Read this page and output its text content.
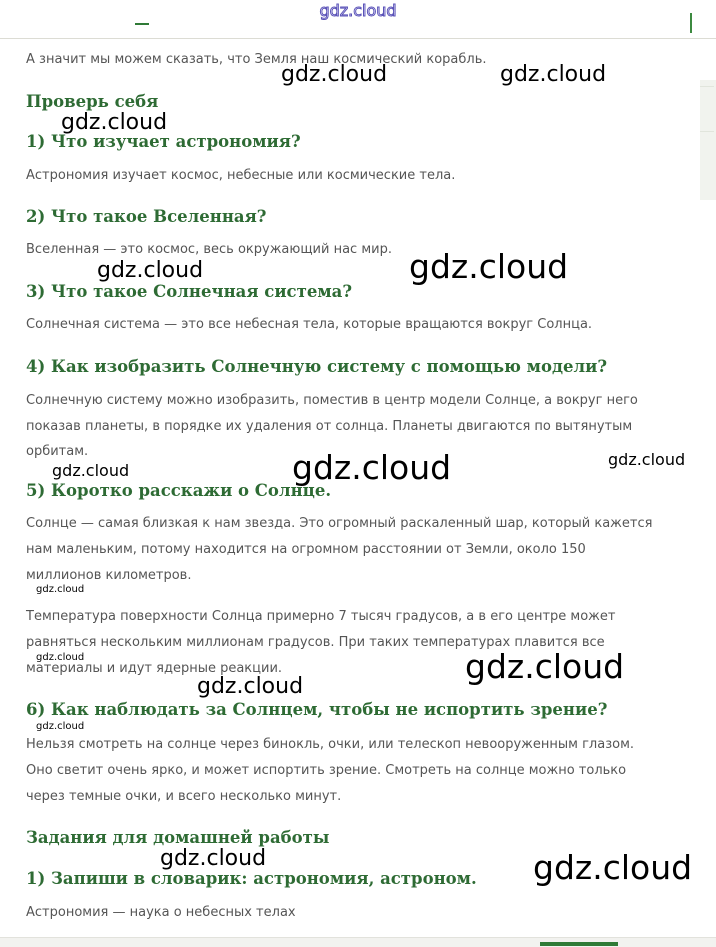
gdz.cloud

А значит мы можем сказать, что Земля наш космический корабль.

Проверь себя

1) Что изучает астрономия?

Астрономия изучает космос, небесные или космические тела.

2) Что такое Вселенная?

Вселенная — это космос, весь окружающий нас мир.

3) Что такое Солнечная система?

Солнечная система — это все небесная тела, которые вращаются вокруг Солнца.

4) Как изобразить Солнечную систему с помощью модели?

Солнечную систему можно изобразить, поместив в центр модели Солнце, а вокруг него

показав планеты, в порядке их удаления от солнца. Планеты двигаются по вытянутым

орбитам.

5) Коротко расскажи о Солнце.

Солнце — самая близкая к нам звезда. Это огромный раскаленный шар, который кажется

нам маленьким, потому находится на огромном расстоянии от Земли, около 150

миллионов километров.

Температура поверхности Солнца примерно 7 тысяч градусов, а в его центре может

равняться нескольким миллионам градусов. При таких температурах плавится все

материалы и идут ядерные реакции.

6) Как наблюдать за Солнцем, чтобы не испортить зрение?

Нельзя смотреть на солнце через бинокль, очки, или телескоп невооруженным глазом.

Оно светит очень ярко, и может испортить зрение. Смотреть на солнце можно только

через темные очки, и всего несколько минут.

Задания для домашней работы

1) Запиши в словарик: астрономия, астроном.

Астрономия — наука о небесных телах

gdz.cloud	gdz.cloud

gdz.cloud

gdz.cloud

gdz.cloud

gdz.cloud

gdz.cloud

gdz.cloud

gdz.cloud

gdz.cloud	gdz.cloud

gdz.cloud

gdz.cloud

gdz.cloud	gdz.cloud
